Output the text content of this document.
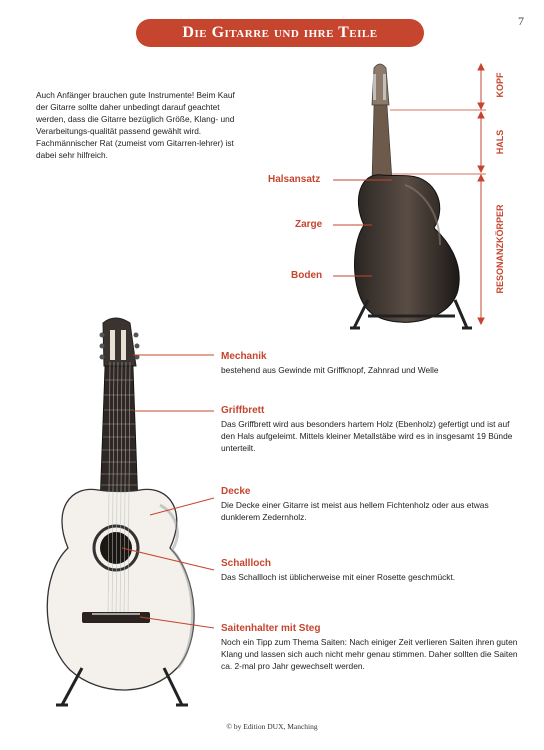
7
Die Gitarre und ihre Teile
Auch Anfänger brauchen gute Instrumente! Beim Kauf der Gitarre sollte daher unbedingt darauf geachtet werden, dass die Gitarre bezüglich Größe, Klang- und Verarbeitungs-qualität passend gewählt wird. Fachmännischer Rat (zumeist vom Gitarren-lehrer) ist dabei sehr hilfreich.
Halsansatz
Zarge
Boden
KOPF
HALS
RESONANZKÖRPER
Mechanik

bestehend aus Gewinde mit Griffknopf, Zahnrad und Welle

Griffbrett

Das Griffbrett wird aus besonders hartem Holz (Ebenholz) gefertigt und ist auf den Hals aufgeleimt. Mittels kleiner Metallstäbe wird es in insgesamt 19 Bünde unterteilt.

Decke

Die Decke einer Gitarre ist meist aus hellem Fichtenholz oder aus etwas dunklerem Zedernholz.

Schallloch

Das Schallloch ist üblicherweise mit einer Rosette geschmückt.

Saitenhalter mit Steg

Noch ein Tipp zum Thema Saiten: Nach einiger Zeit verlieren Saiten ihren guten Klang und lassen sich auch nicht mehr genau stimmen. Daher sollten die Saiten ca. 2-mal pro Jahr gewechselt werden.

© by Edition DUX, Manching
